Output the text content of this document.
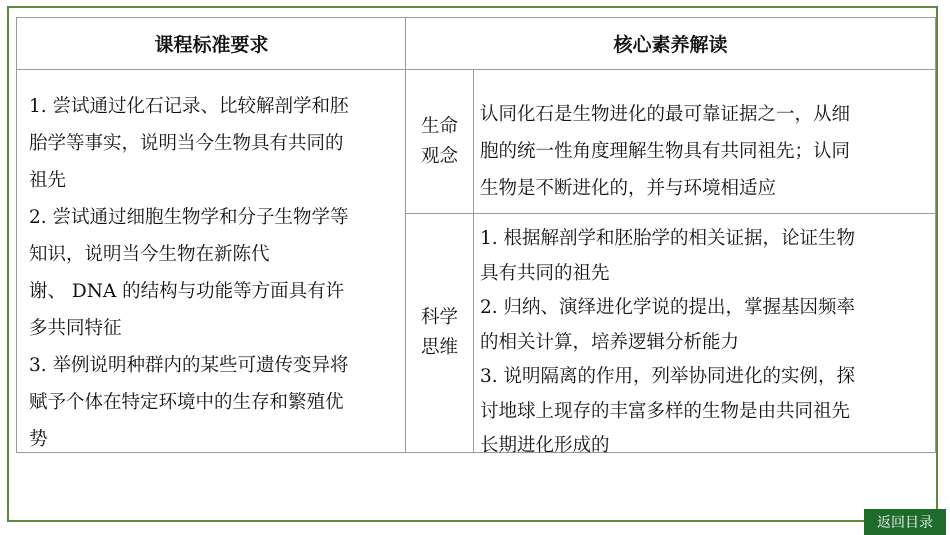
课程标准要求	核心素养解读
1. 尝试通过化石记录、比较解剖学和胚
胎学等事实，说明当今生物具有共同的
祖先
2. 尝试通过细胞生物学和分子生物学等
知识，说明当今生物在新陈代
谢、 DNA 的结构与功能等方面具有许
多共同特征
3. 举例说明种群内的某些可遗传变异将
赋予个体在特定环境中的生存和繁殖优
势
生命
观念
认同化石是生物进化的最可靠证据之一，从细
胞的统一性角度理解生物具有共同祖先；认同
生物是不断进化的，并与环境相适应
科学
思维
1. 根据解剖学和胚胎学的相关证据，论证生物
具有共同的祖先
2. 归纳、演绎进化学说的提出，掌握基因频率
的相关计算，培养逻辑分析能力
3. 说明隔离的作用，列举协同进化的实例，探
讨地球上现存的丰富多样的生物是由共同祖先
长期进化形成的
返回目录
